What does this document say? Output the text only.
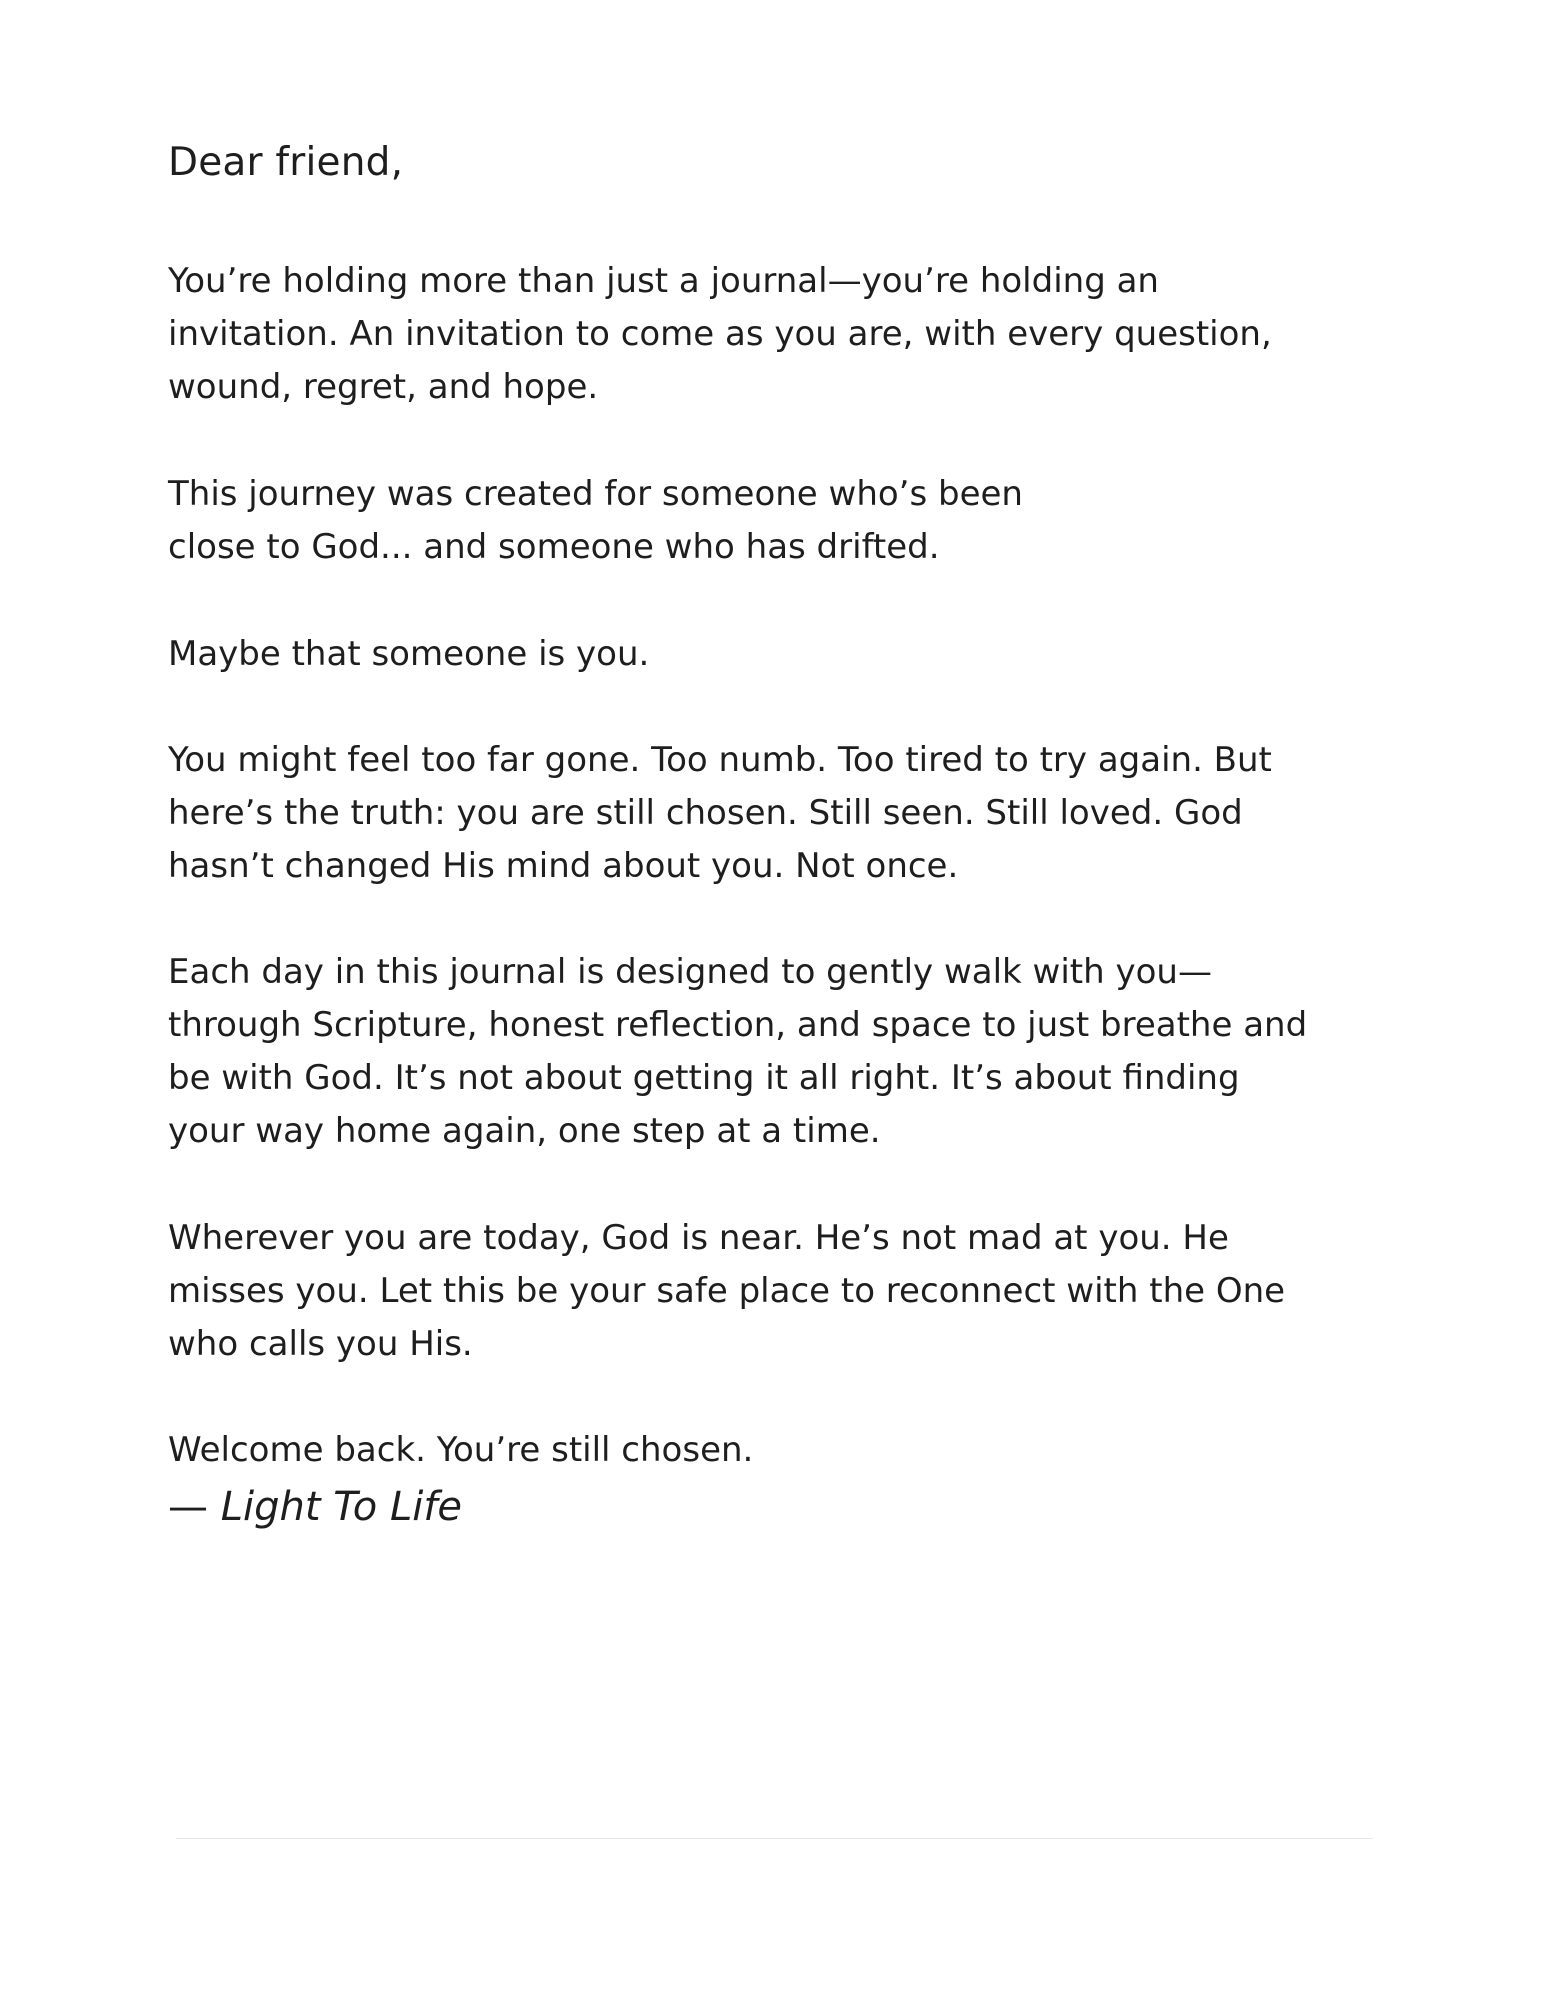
Dear friend,

You’re holding more than just a journal—you’re holding an
invitation. An invitation to come as you are, with every question,
wound, regret, and hope.

This journey was created for someone who’s been
close to God... and someone who has drifted.

Maybe that someone is you.

You might feel too far gone. Too numb. Too tired to try again. But
here’s the truth: you are still chosen. Still seen. Still loved. God
hasn’t changed His mind about you. Not once.

Each day in this journal is designed to gently walk with you—
through Scripture, honest reflection, and space to just breathe and
be with God. It’s not about getting it all right. It’s about finding
your way home again, one step at a time.

Wherever you are today, God is near. He’s not mad at you. He
misses you. Let this be your safe place to reconnect with the One
who calls you His.

Welcome back. You’re still chosen.

— Light To Life
